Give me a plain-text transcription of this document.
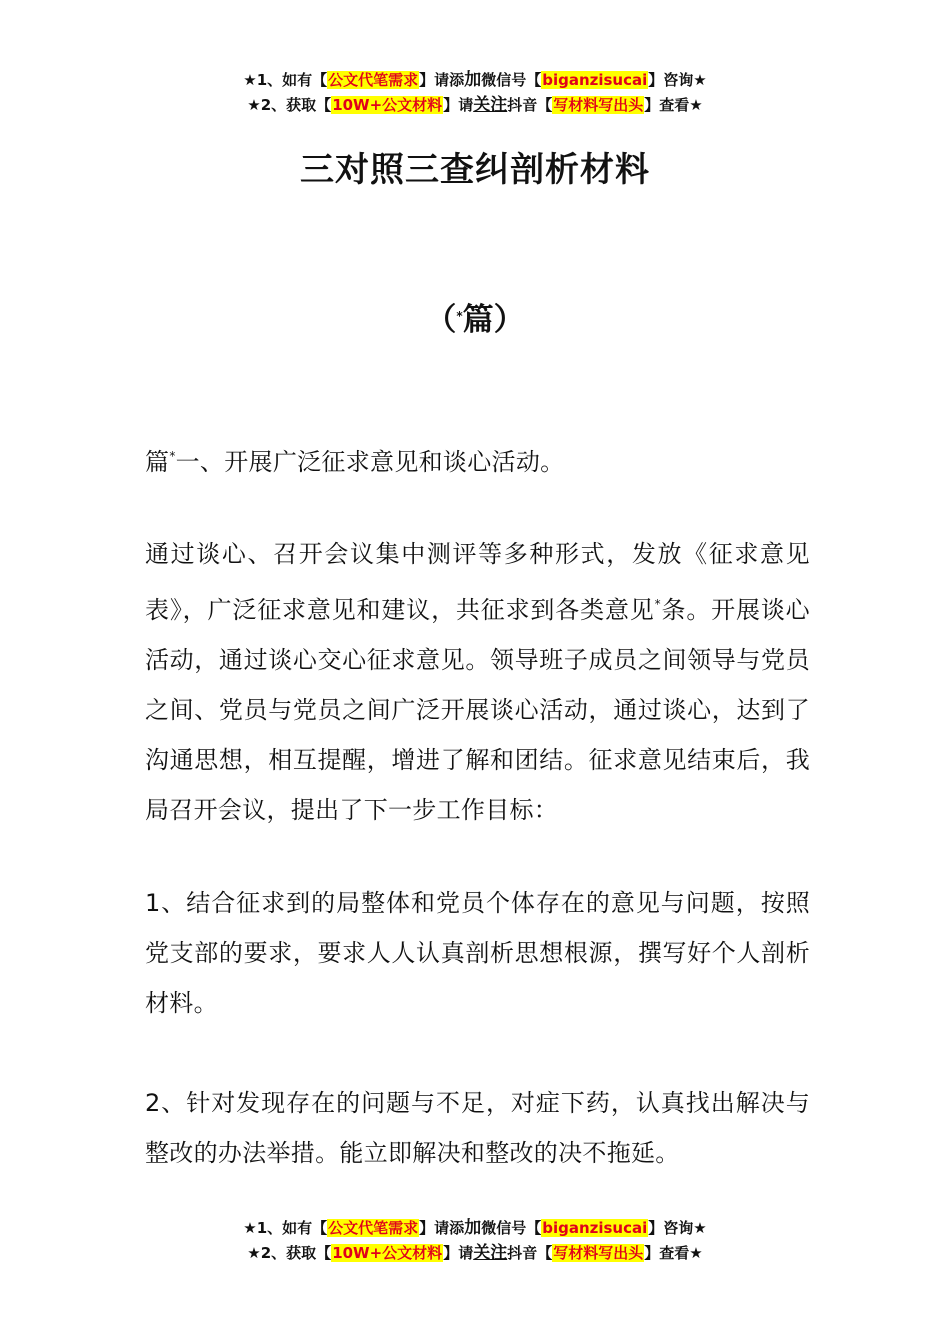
★1、如有【公文代笔需求】请添加微信号【biganzisucai】咨询★
★2、获取【10W+公文材料】请关注抖音【写材料写出头】查看★
三对照三查纠剖析材料
（*篇）

篇*一、开展广泛征求意见和谈心活动。

通过谈心、召开会议集中测评等多种形式，发放《征求意见表》，广泛征求意见和建议，共征求到各类意见*条。开展谈心活动，通过谈心交心征求意见。领导班子成员之间领导与党员之间、党员与党员之间广泛开展谈心活动，通过谈心，达到了沟通思想，相互提醒，增进了解和团结。征求意见结束后，我局召开会议，提出了下一步工作目标：

1、结合征求到的局整体和党员个体存在的意见与问题，按照党支部的要求，要求人人认真剖析思想根源，撰写好个人剖析材料。

2、针对发现存在的问题与不足，对症下药，认真找出解决与整改的办法举措。能立即解决和整改的决不拖延。

★1、如有【公文代笔需求】请添加微信号【biganzisucai】咨询★
★2、获取【10W+公文材料】请关注抖音【写材料写出头】查看★
